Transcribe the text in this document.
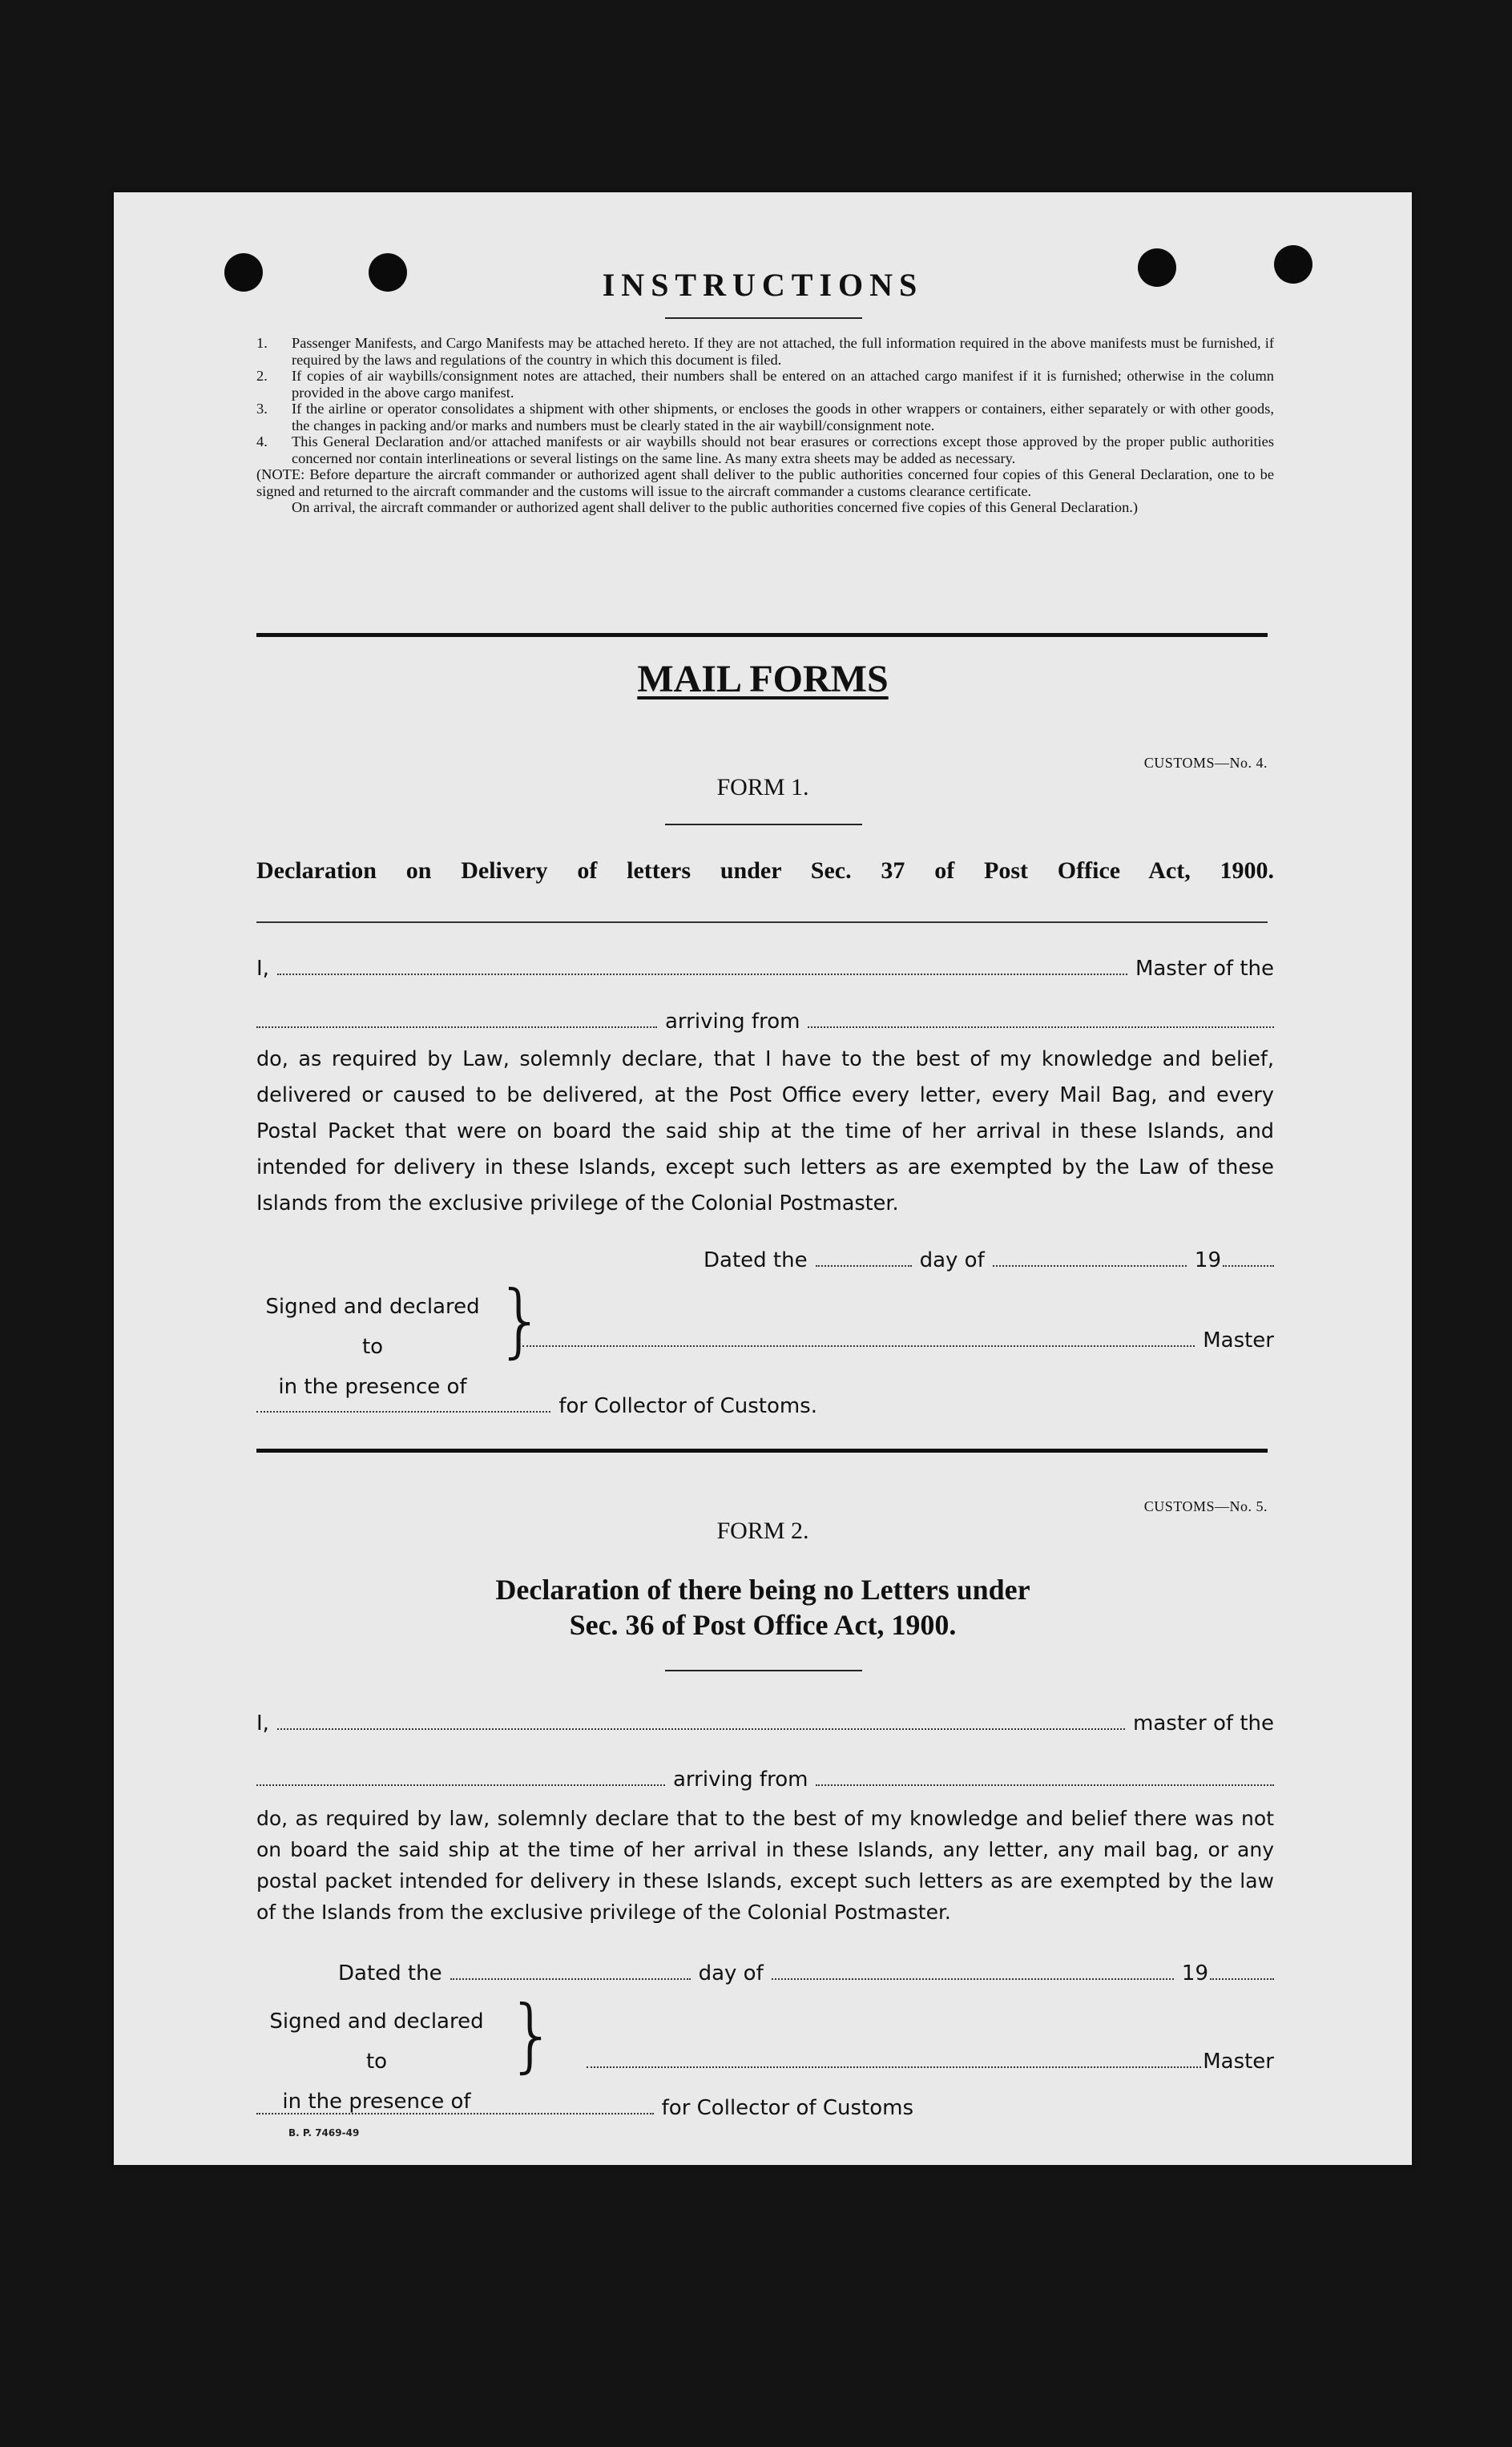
INSTRUCTIONS
1. Passenger Manifests, and Cargo Manifests may be attached hereto. If they are not attached, the full information required in the above manifests must be furnished, if required by the laws and regulations of the country in which this document is filed.
2. If copies of air waybills/consignment notes are attached, their numbers shall be entered on an attached cargo manifest if it is furnished; otherwise in the column provided in the above cargo manifest.
3. If the airline or operator consolidates a shipment with other shipments, or encloses the goods in other wrappers or containers, either separately or with other goods, the changes in packing and/or marks and numbers must be clearly stated in the air waybill/consignment note.
4. This General Declaration and/or attached manifests or air waybills should not bear erasures or corrections except those approved by the proper public authorities concerned nor contain interlineations or several listings on the same line. As many extra sheets may be added as necessary.
(NOTE: Before departure the aircraft commander or authorized agent shall deliver to the public authorities concerned four copies of this General Declaration, one to be signed and returned to the aircraft commander and the customs will issue to the aircraft commander a customs clearance certificate.
On arrival, the aircraft commander or authorized agent shall deliver to the public authorities concerned five copies of this General Declaration.)
MAIL FORMS
CUSTOMS—No. 4.
FORM 1.
Declaration on Delivery of letters under Sec. 37 of Post Office Act, 1900.
I,	Master of the
arriving from
do, as required by Law, solemnly declare, that I have to the best of my knowledge and belief, delivered or caused to be delivered, at the Post Office every letter, every Mail Bag, and every Postal Packet that were on board the said ship at the time of her arrival in these Islands, and intended for delivery in these Islands, except such letters as are exempted by the Law of these Islands from the exclusive privilege of the Colonial Postmaster.
Dated the	day of	19
Signed and declared to
in the presence of
}	Master
for Collector of Customs.
CUSTOMS—No. 5.
FORM 2.
Declaration of there being no Letters under
Sec. 36 of Post Office Act, 1900.
I,	master of the
arriving from
do, as required by law, solemnly declare that to the best of my knowledge and belief there was not on board the said ship at the time of her arrival in these Islands, any letter, any mail bag, or any postal packet intended for delivery in these Islands, except such letters as are exempted by the law of the Islands from the exclusive privilege of the Colonial Postmaster.
Dated the	day of	19
Signed and declared to
in the presence of
}	Master
for Collector of Customs
B. P. 7469-49
